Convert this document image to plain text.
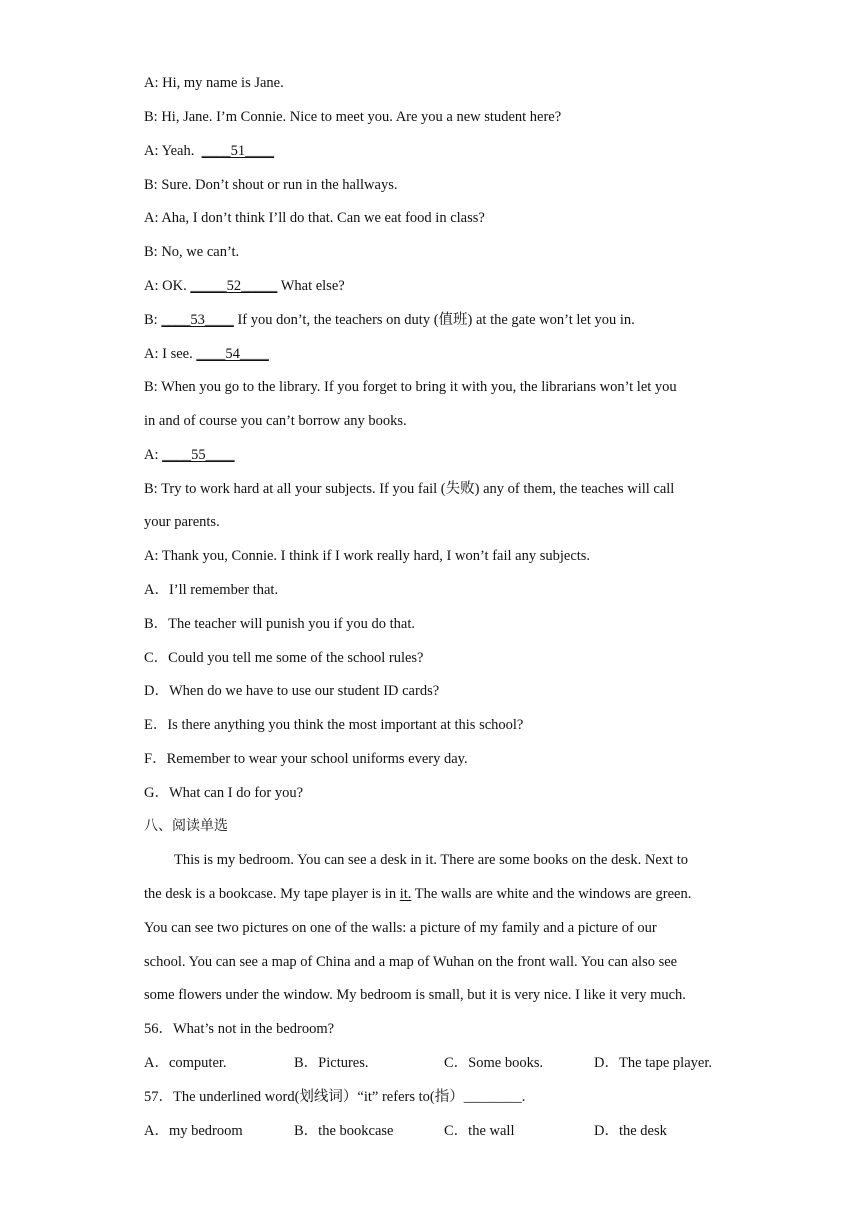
A: Hi, my name is Jane.
B: Hi, Jane. I’m Connie. Nice to meet you. Are you a new student here?
A: Yeah.  ____51____
B: Sure. Don’t shout or run in the hallways.
A: Aha, I don’t think I’ll do that. Can we eat food in class?
B: No, we can’t.
A: OK. _____52_____ What else?
B: ____53____ If you don’t, the teachers on duty (值班) at the gate won’t let you in.
A: I see. ____54____
B: When you go to the library. If you forget to bring it with you, the librarians won’t let you
in and of course you can’t borrow any books.
A: ____55____
B: Try to work hard at all your subjects. If you fail (失败) any of them, the teaches will call
your parents.
A: Thank you, Connie. I think if I work really hard, I won’t fail any subjects.
A．I’ll remember that.
B．The teacher will punish you if you do that.
C．Could you tell me some of the school rules?
D．When do we have to use our student ID cards?
E．Is there anything you think the most important at this school?
F．Remember to wear your school uniforms every day.
G．What can I do for you?
八、阅读单选
This is my bedroom. You can see a desk in it. There are some books on the desk. Next to
the desk is a bookcase. My tape player is in it. The walls are white and the windows are green.
You can see two pictures on one of the walls: a picture of my family and a picture of our
school. You can see a map of China and a map of Wuhan on the front wall. You can also see
some flowers under the window. My bedroom is small, but it is very nice. I like it very much.
56．What’s not in the bedroom?
A．computer.	B．Pictures.	C．Some books.	D．The tape player.
57．The underlined word(划线词）“it” refers to(指）________.
A．my bedroom	B．the bookcase	C．the wall	D．the desk
